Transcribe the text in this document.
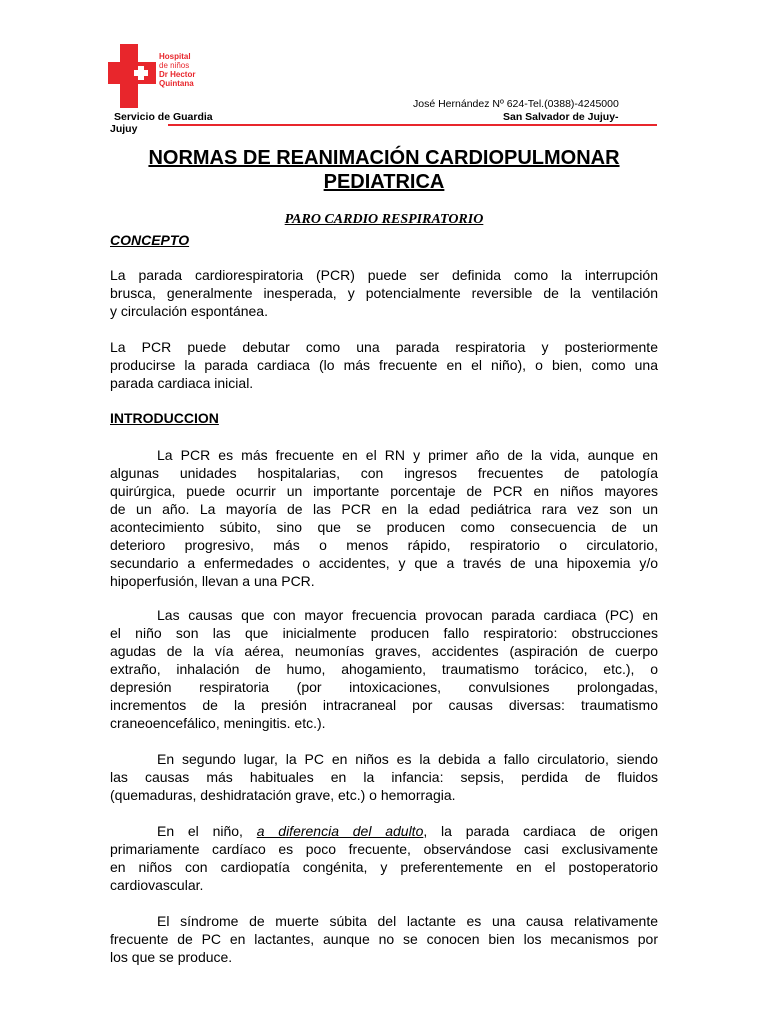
Hospital
de niños
Dr Hector
Quintana
José Hernández Nº 624-Tel.(0388)-4245000
Servicio de Guardia
Jujuy
San Salvador de Jujuy-
NORMAS DE REANIMACIÓN CARDIOPULMONAR
PEDIATRICA
PARO CARDIO RESPIRATORIO
CONCEPTO
La parada cardiorespiratoria (PCR) puede ser definida como la interrupción
brusca, generalmente inesperada, y potencialmente reversible de la ventilación
y circulación espontánea.
La PCR puede debutar como una parada respiratoria y posteriormente
producirse la parada cardiaca (lo más frecuente en el niño), o bien, como una
parada cardiaca inicial.
INTRODUCCION
La PCR es más frecuente en el RN y primer año de la vida, aunque en
algunas unidades hospitalarias, con ingresos frecuentes de patología
quirúrgica, puede ocurrir un importante porcentaje de PCR en niños mayores
de un año. La mayoría de las PCR en la edad pediátrica rara vez son un
acontecimiento súbito, sino que se producen como consecuencia de un
deterioro progresivo, más o menos rápido, respiratorio o circulatorio,
secundario a enfermedades o accidentes, y que a través de una hipoxemia y/o
hipoperfusión, llevan a una PCR.
Las causas que con mayor frecuencia provocan parada cardiaca (PC) en
el niño son las que inicialmente producen fallo respiratorio: obstrucciones
agudas de la vía aérea, neumonías graves, accidentes (aspiración de cuerpo
extraño, inhalación de humo, ahogamiento, traumatismo torácico, etc.), o
depresión respiratoria (por intoxicaciones, convulsiones prolongadas,
incrementos de la presión intracraneal por causas diversas: traumatismo
craneoencefálico, meningitis. etc.).
En segundo lugar, la PC en niños es la debida a fallo circulatorio, siendo
las causas más habituales en la infancia: sepsis, perdida de fluidos
(quemaduras, deshidratación grave, etc.) o hemorragia.
En el niño, a diferencia del adulto, la parada cardiaca de origen
primariamente cardíaco es poco frecuente, observándose casi exclusivamente
en niños con cardiopatía congénita, y preferentemente en el postoperatorio
cardiovascular.
El síndrome de muerte súbita del lactante es una causa relativamente
frecuente de PC en lactantes, aunque no se conocen bien los mecanismos por
los que se produce.
